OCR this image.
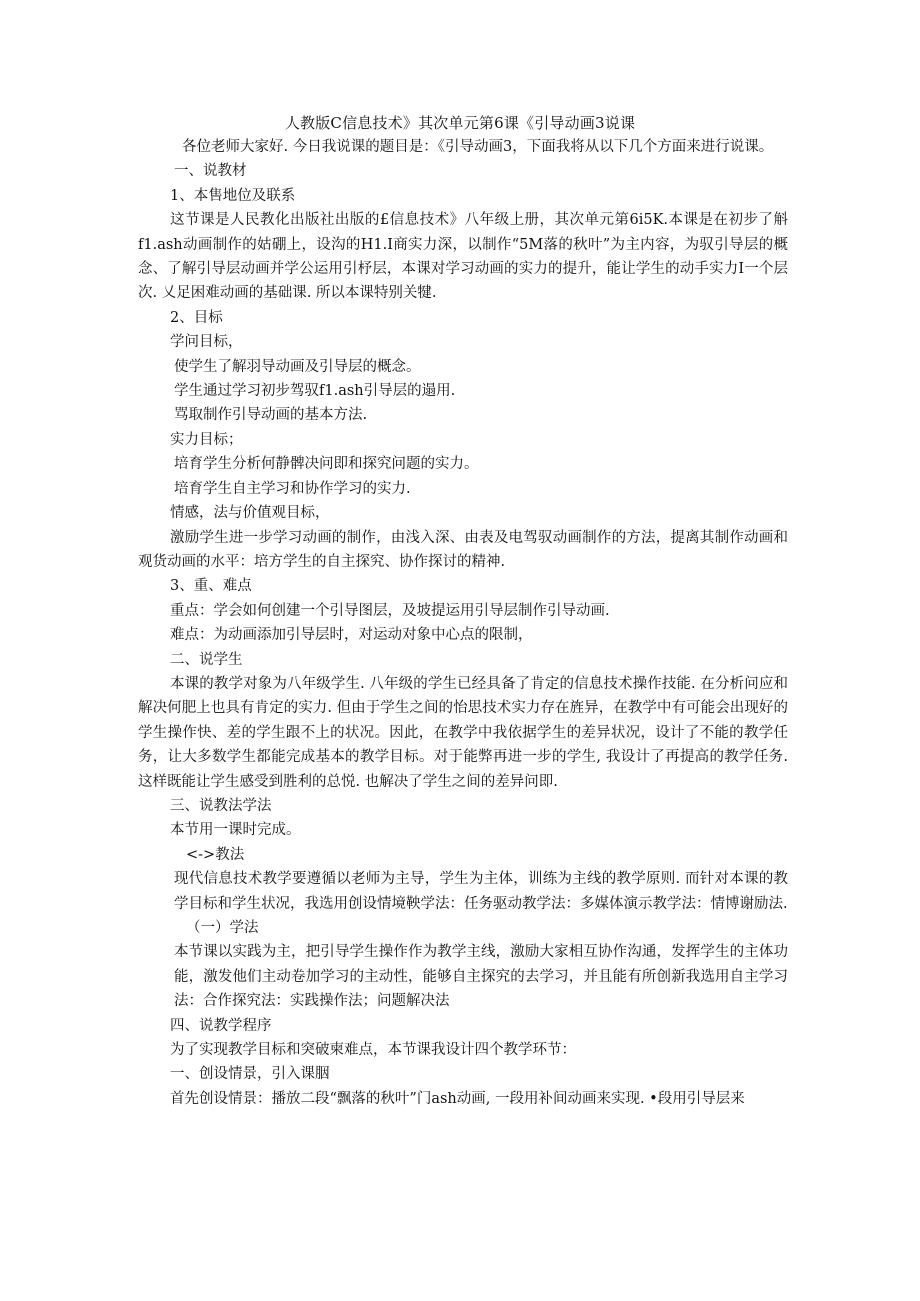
人教版C信息技术》其次单元第6课《引导动画3说课

各位老师大家好. 今日我说课的题目是：《引导动画3，下面我将从以下几个方面来进行说课。

一、说教材

1、本售地位及联系

这节课是人民教化出版社出版的£信息技术》八年级上册，其次单元第6i5K.本课是在初步了斛f1.ash动画制作的姑硼上，设沟的H1.I商实力深，以制作“5M落的秋叶”为主内容，为驭引导层的概念、了解引导层动画并学公运用引杼层，本课对学习动画的实力的提升，能让学生的动手实力I一个层次. 乂足困难动画的基础课. 所以本课特别关犍.

2、目标

学问目标，

使学生了解羽导动画及引导层的概念。

学生通过学习初步驾驭f1.ash引导层的遢用.

骂取制作引导动画的基本方法.

实力目标；

培育学生分析何静髀决问即和探究问题的实力。

培育学生自主学习和协作学习的实力.

情感，法与价值观目标，

激励学生进一步学习动画的制作，由浅入深、由表及电驾驭动画制作的方法，提离其制作动画和观货动画的水平：培方学生的自主探究、协作探讨的精神.

3、重、难点

重点：学会如何创建一个引导图层，及坡提运用引导层制作引导动画.

难点：为动画添加引导层时，对运动对象中心点的限制，

二、说学生

本课的教学对象为八年级学生. 八年级的学生已经具备了肯定的信息技术操作技能. 在分析问应和解决何肥上也具有肯定的实力. 但由于学生之间的怡思技术实力存在旌异，在教学中有可能会出现好的学生操作快、差的学生跟不上的状况。因此，在教学中我依据学生的差异状况，设计了不能的教学任务，让大多数学生都能完成基本的教学目标。对于能弊再进一步的学生, 我设计了再提高的教学任务. 这样既能让学生感受到胜利的总悦. 也解决了学生之间的差异问即.

三、说教法学法

本节用一课时完成。

<->教法

现代信息技术教学要遵循以老师为主导，学生为主体，训练为主线的教学原则. 而针对本课的教学目标和学生状况，我选用创设情境鞅学法：任务驱动教学法：多媒体演示教学法：情博谢励法.

（一）学法

本节课以实践为主，把引导学生操作作为教学主线，激励大家相互协作沟通，发挥学生的主体功能，激发他们主动卷加学习的主动性，能够自主探究的去学习，并且能有所创新我选用自主学习法：合作探究法：实践操作法；问题解决法

四、说教学程序

为了实现教学目标和突破柬难点，本节课我设计四个教学环节：

一、创设情景，引入课胭

首先创设情景：播放二段“飘落的秋叶”门ash动画, 一段用补间动画来实现. •段用引导层来
